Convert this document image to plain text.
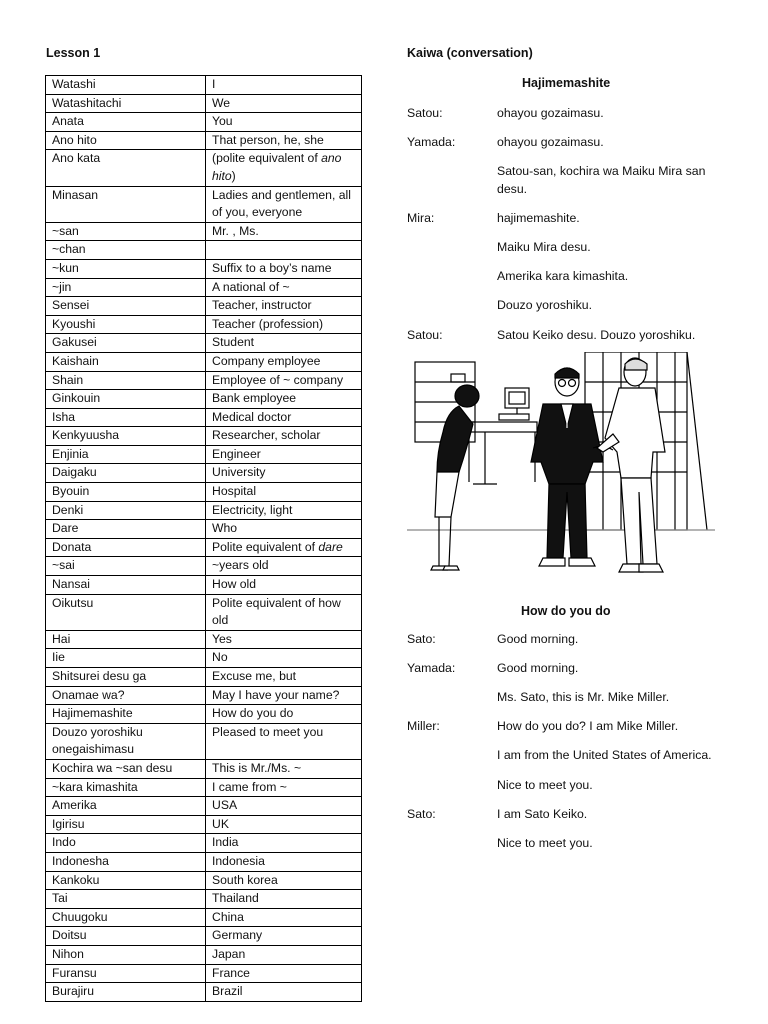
Lesson 1
Watashi	I
Watashitachi	We
Anata	You
Ano hito	That person, he, she
Ano kata	(polite equivalent of ano hito)
Minasan	Ladies and gentlemen, all of you, everyone
~san	Mr. , Ms.
~chan	
~kun	Suffix to a boy’s name
~jin	A national of ~
Sensei	Teacher, instructor
Kyoushi	Teacher (profession)
Gakusei	Student
Kaishain	Company employee
Shain	Employee of ~ company
Ginkouin	Bank employee
Isha	Medical doctor
Kenkyuusha	Researcher, scholar
Enjinia	Engineer
Daigaku	University
Byouin	Hospital
Denki	Electricity, light
Dare	Who
Donata	Polite equivalent of dare
~sai	~years old
Nansai	How old
Oikutsu	Polite equivalent of how old
Hai	Yes
Iie	No
Shitsurei desu ga	Excuse me, but
Onamae wa?	May I have your name?
Hajimemashite	How do you do
Douzo yoroshiku onegaishimasu	Pleased to meet you
Kochira wa ~san desu	This is Mr./Ms. ~
~kara kimashita	I came from ~
Amerika	USA
Igirisu	UK
Indo	India
Indonesha	Indonesia
Kankoku	South korea
Tai	Thailand
Chuugoku	China
Doitsu	Germany
Nihon	Japan
Furansu	France
Burajiru	Brazil
Kaiwa (conversation)
Hajimemashite
Satou:	ohayou gozaimasu.
Yamada:	ohayou gozaimasu.
Satou-san, kochira wa Maiku Mira san desu.
Mira:	hajimemashite.
Maiku Mira desu.
Amerika kara kimashita.
Douzo yoroshiku.
Satou:	Satou Keiko desu. Douzo yoroshiku.
How do you do
Sato:	Good morning.
Yamada:	Good morning.
Ms. Sato, this is Mr. Mike Miller.
Miller:	How do you do? I am Mike Miller.
I am from the United States of America.
Nice to meet you.
Sato:	I am Sato Keiko.
Nice to meet you.
